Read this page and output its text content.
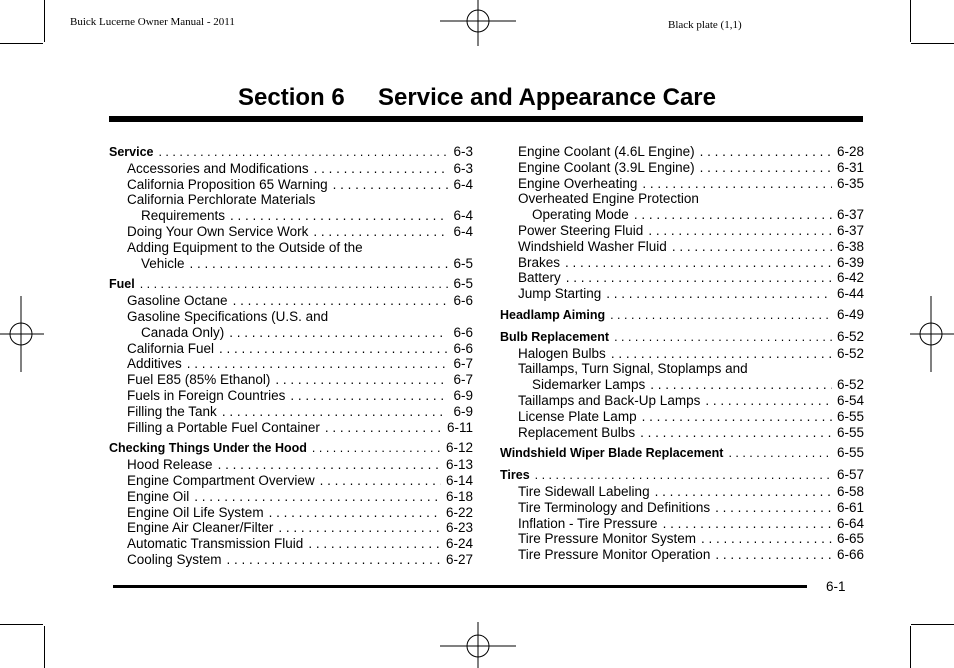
Buick Lucerne Owner Manual - 2011	Black plate (1,1)
Section 6     Service and Appearance Care
Service . . .	6-3
Accessories and Modifications . . .	6-3
California Proposition 65 Warning . . .	6-4
California Perchlorate Materials
Requirements . . .	6-4
Doing Your Own Service Work . . .	6-4
Adding Equipment to the Outside of the
Vehicle . . .	6-5
Fuel . . .	6-5
Gasoline Octane . . .	6-6
Gasoline Specifications (U.S. and
Canada Only) . . .	6-6
California Fuel . . .	6-6
Additives . . .	6-7
Fuel E85 (85% Ethanol) . . .	6-7
Fuels in Foreign Countries . . .	6-9
Filling the Tank . . .	6-9
Filling a Portable Fuel Container . . .	6-11
Checking Things Under the Hood . . .	6-12
Hood Release . . .	6-13
Engine Compartment Overview . . .	6-14
Engine Oil . . .	6-18
Engine Oil Life System . . .	6-22
Engine Air Cleaner/Filter . . .	6-23
Automatic Transmission Fluid . . .	6-24
Cooling System . . .	6-27
Engine Coolant (4.6L Engine) . . .	6-28
Engine Coolant (3.9L Engine) . . .	6-31
Engine Overheating . . .	6-35
Overheated Engine Protection
Operating Mode . . .	6-37
Power Steering Fluid . . .	6-37
Windshield Washer Fluid . . .	6-38
Brakes . . .	6-39
Battery . . .	6-42
Jump Starting . . .	6-44
Headlamp Aiming . . .	6-49
Bulb Replacement . . .	6-52
Halogen Bulbs . . .	6-52
Taillamps, Turn Signal, Stoplamps and
Sidemarker Lamps . . .	6-52
Taillamps and Back-Up Lamps . . .	6-54
License Plate Lamp . . .	6-55
Replacement Bulbs . . .	6-55
Windshield Wiper Blade Replacement . . .	6-55
Tires . . .	6-57
Tire Sidewall Labeling . . .	6-58
Tire Terminology and Definitions . . .	6-61
Inflation - Tire Pressure . . .	6-64
Tire Pressure Monitor System . . .	6-65
Tire Pressure Monitor Operation . . .	6-66
6-1
